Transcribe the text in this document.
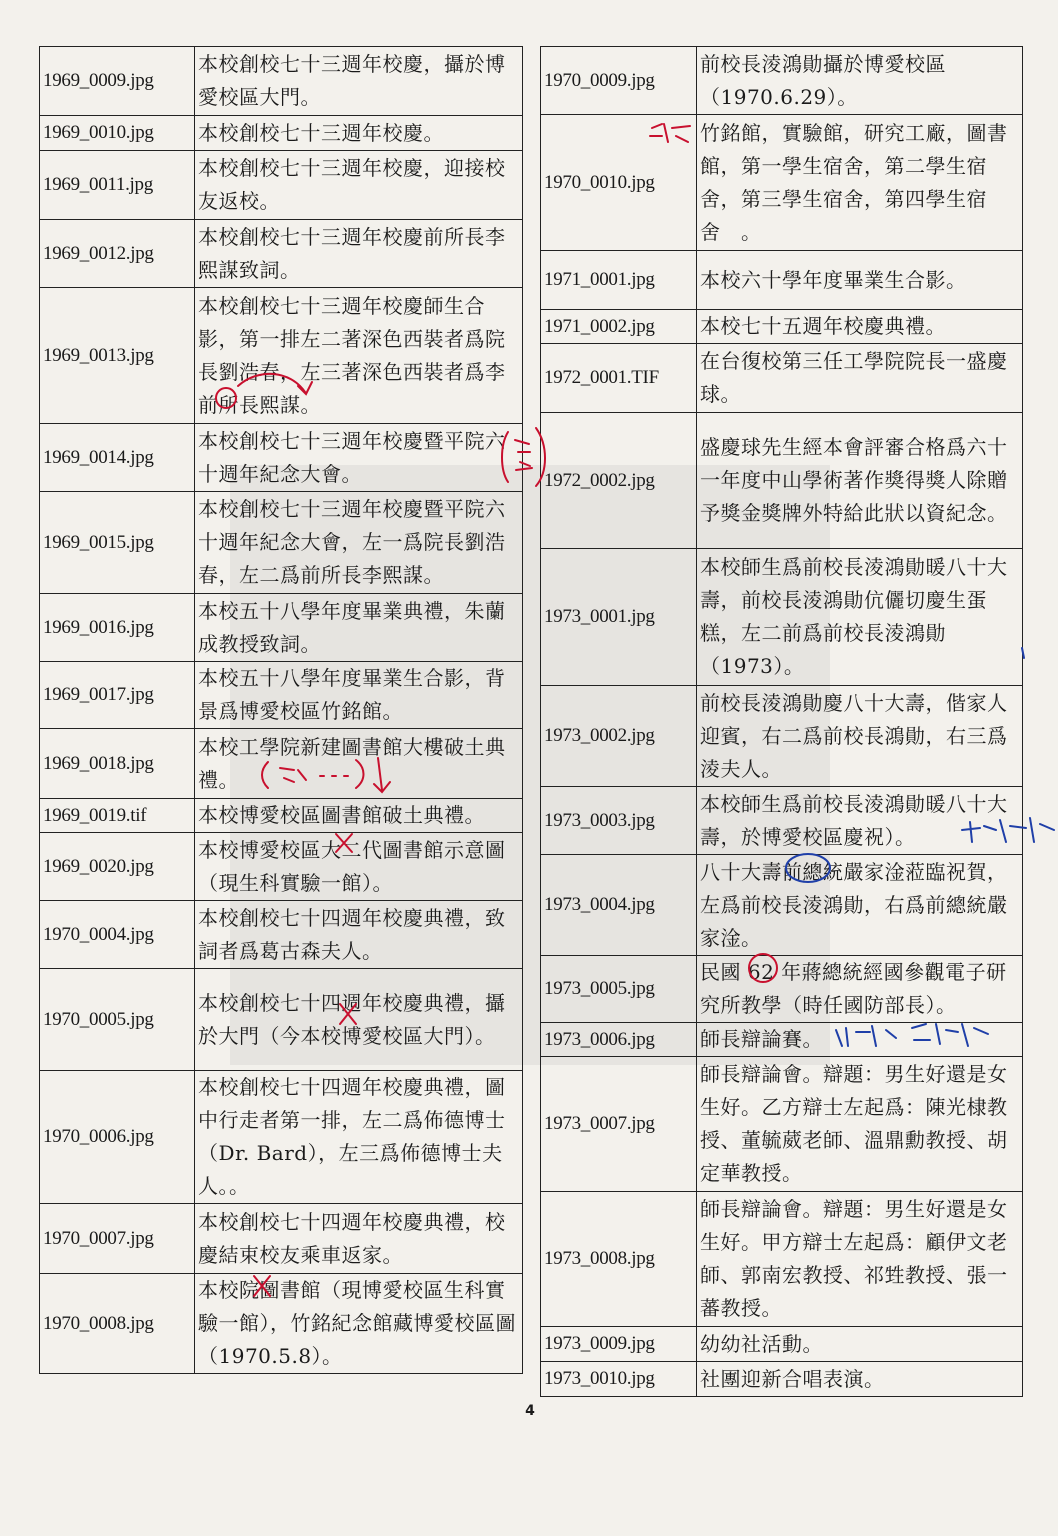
1969_0009.jpg	本校創校七十三週年校慶，攝於博愛校區大門。
1969_0010.jpg	本校創校七十三週年校慶。
1969_0011.jpg	本校創校七十三週年校慶，迎接校友返校。
1969_0012.jpg	本校創校七十三週年校慶前所長李熙謀致詞。
1969_0013.jpg	本校創校七十三週年校慶師生合影，第一排左二著深色西裝者爲院長劉浩春，左三著深色西裝者爲李前所長熙謀。
1969_0014.jpg	本校創校七十三週年校慶暨平院六十週年紀念大會。
1969_0015.jpg	本校創校七十三週年校慶暨平院六十週年紀念大會，左一爲院長劉浩春，左二爲前所長李熙謀。
1969_0016.jpg	本校五十八學年度畢業典禮，朱蘭成教授致詞。
1969_0017.jpg	本校五十八學年度畢業生合影，背景爲博愛校區竹銘館。
1969_0018.jpg	本校工學院新建圖書館大樓破土典禮。
1969_0019.tif	本校博愛校區圖書館破土典禮。
1969_0020.jpg	本校博愛校區大二代圖書館示意圖（現生科實驗一館）。
1970_0004.jpg	本校創校七十四週年校慶典禮，致詞者爲葛古森夫人。
1970_0005.jpg	本校創校七十四週年校慶典禮，攝於大門（今本校博愛校區大門）。
1970_0006.jpg	本校創校七十四週年校慶典禮，圖中行走者第一排，左二爲佈德博士（Dr. Bard），左三爲佈德博士夫人。。
1970_0007.jpg	本校創校七十四週年校慶典禮，校慶結束校友乘車返家。
1970_0008.jpg	本校院圖書館（現博愛校區生科實驗一館），竹銘紀念館藏博愛校區圖（1970.5.8）。
1970_0009.jpg	前校長淩鴻勛攝於博愛校區（1970.6.29）。
1970_0010.jpg	竹銘館，實驗館，研究工廠，圖書館，第一學生宿舍，第二學生宿舍，第三學生宿舍，第四學生宿舍　。
1971_0001.jpg	本校六十學年度畢業生合影。
1971_0002.jpg	本校七十五週年校慶典禮。
1972_0001.TIF	在台復校第三任工學院院長一盛慶球。
1972_0002.jpg	盛慶球先生經本會評審合格爲六十一年度中山學術著作獎得獎人除贈予獎金獎牌外特給此狀以資紀念。
1973_0001.jpg	本校師生爲前校長淩鴻勛暖八十大壽，前校長淩鴻勛伉儷切慶生蛋糕，左二前爲前校長淩鴻勛（1973）。
1973_0002.jpg	前校長淩鴻勛慶八十大壽，偕家人迎賓，右二爲前校長鴻勛，右三爲淩夫人。
1973_0003.jpg	本校師生爲前校長淩鴻勛暖八十大壽，於博愛校區慶祝）。
1973_0004.jpg	八十大壽前總統嚴家淦蒞臨祝賀，左爲前校長淩鴻勛，右爲前總統嚴家淦。
1973_0005.jpg	民國 62 年蔣總統經國參觀電子研究所教學（時任國防部長）。
1973_0006.jpg	師長辯論賽。
1973_0007.jpg	師長辯論會。辯題：男生好還是女生好。乙方辯士左起爲：陳光棣教授、董毓葳老師、溫鼎勳教授、胡定華教授。
1973_0008.jpg	師長辯論會。辯題：男生好還是女生好。甲方辯士左起爲：顧伊文老師、郭南宏教授、祁甡教授、張一蕃教授。
1973_0009.jpg	幼幼社活動。
1973_0010.jpg	社團迎新合唱表演。
4
